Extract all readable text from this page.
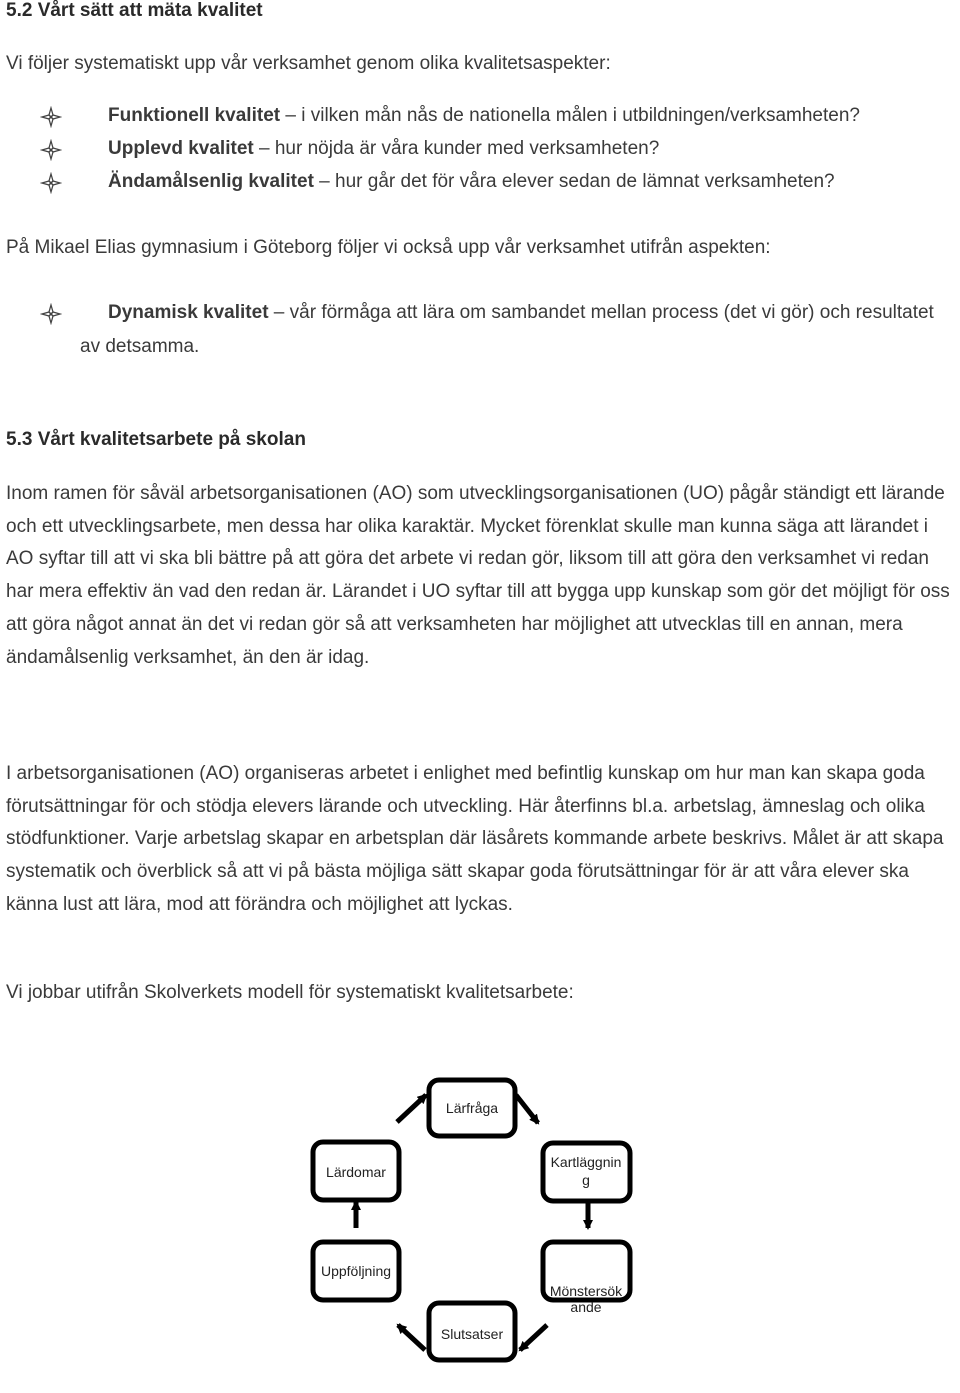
5.2 Vårt sätt att mäta kvalitet
Vi följer systematiskt upp vår verksamhet genom olika kvalitetsaspekter:
Funktionell kvalitet – i vilken mån nås de nationella målen i utbildningen/verksamheten?
Upplevd kvalitet – hur nöjda är våra kunder med verksamheten?
Ändamålsenlig kvalitet – hur går det för våra elever sedan de lämnat verksamheten?
På Mikael Elias gymnasium i Göteborg följer vi också upp vår verksamhet utifrån aspekten:
Dynamisk kvalitet – vår förmåga att lära om sambandet mellan process (det vi gör) och resultatet av detsamma.
5.3 Vårt kvalitetsarbete på skolan
Inom ramen för såväl arbetsorganisationen (AO) som utvecklingsorganisationen (UO) pågår ständigt ett lärande och ett utvecklingsarbete, men dessa har olika karaktär. Mycket förenklat skulle man kunna säga att lärandet i AO syftar till att vi ska bli bättre på att göra det arbete vi redan gör, liksom till att göra den verksamhet vi redan har mera effektiv än vad den redan är. Lärandet i UO syftar till att bygga upp kunskap som gör det möjligt för oss att göra något annat än det vi redan gör så att verksamheten har möjlighet att utvecklas till en annan, mera ändamålsenlig verksamhet, än den är idag.
I arbetsorganisationen (AO) organiseras arbetet i enlighet med befintlig kunskap om hur man kan skapa goda förutsättningar för och stödja elevers lärande och utveckling. Här återfinns bl.a. arbetslag, ämneslag och olika stödfunktioner. Varje arbetslag skapar en arbetsplan där läsårets kommande arbete beskrivs. Målet är att skapa systematik och överblick så att vi på bästa möjliga sätt skapar goda förutsättningar för är att våra elever ska känna lust att lära, mod att förändra och möjlighet att lyckas.
Vi jobbar utifrån Skolverkets modell för systematiskt kvalitetsarbete:
Lärfråga
Kartläggnin
g
Mönstersök
ande
Slutsatser
Uppföljning
Lärdomar
